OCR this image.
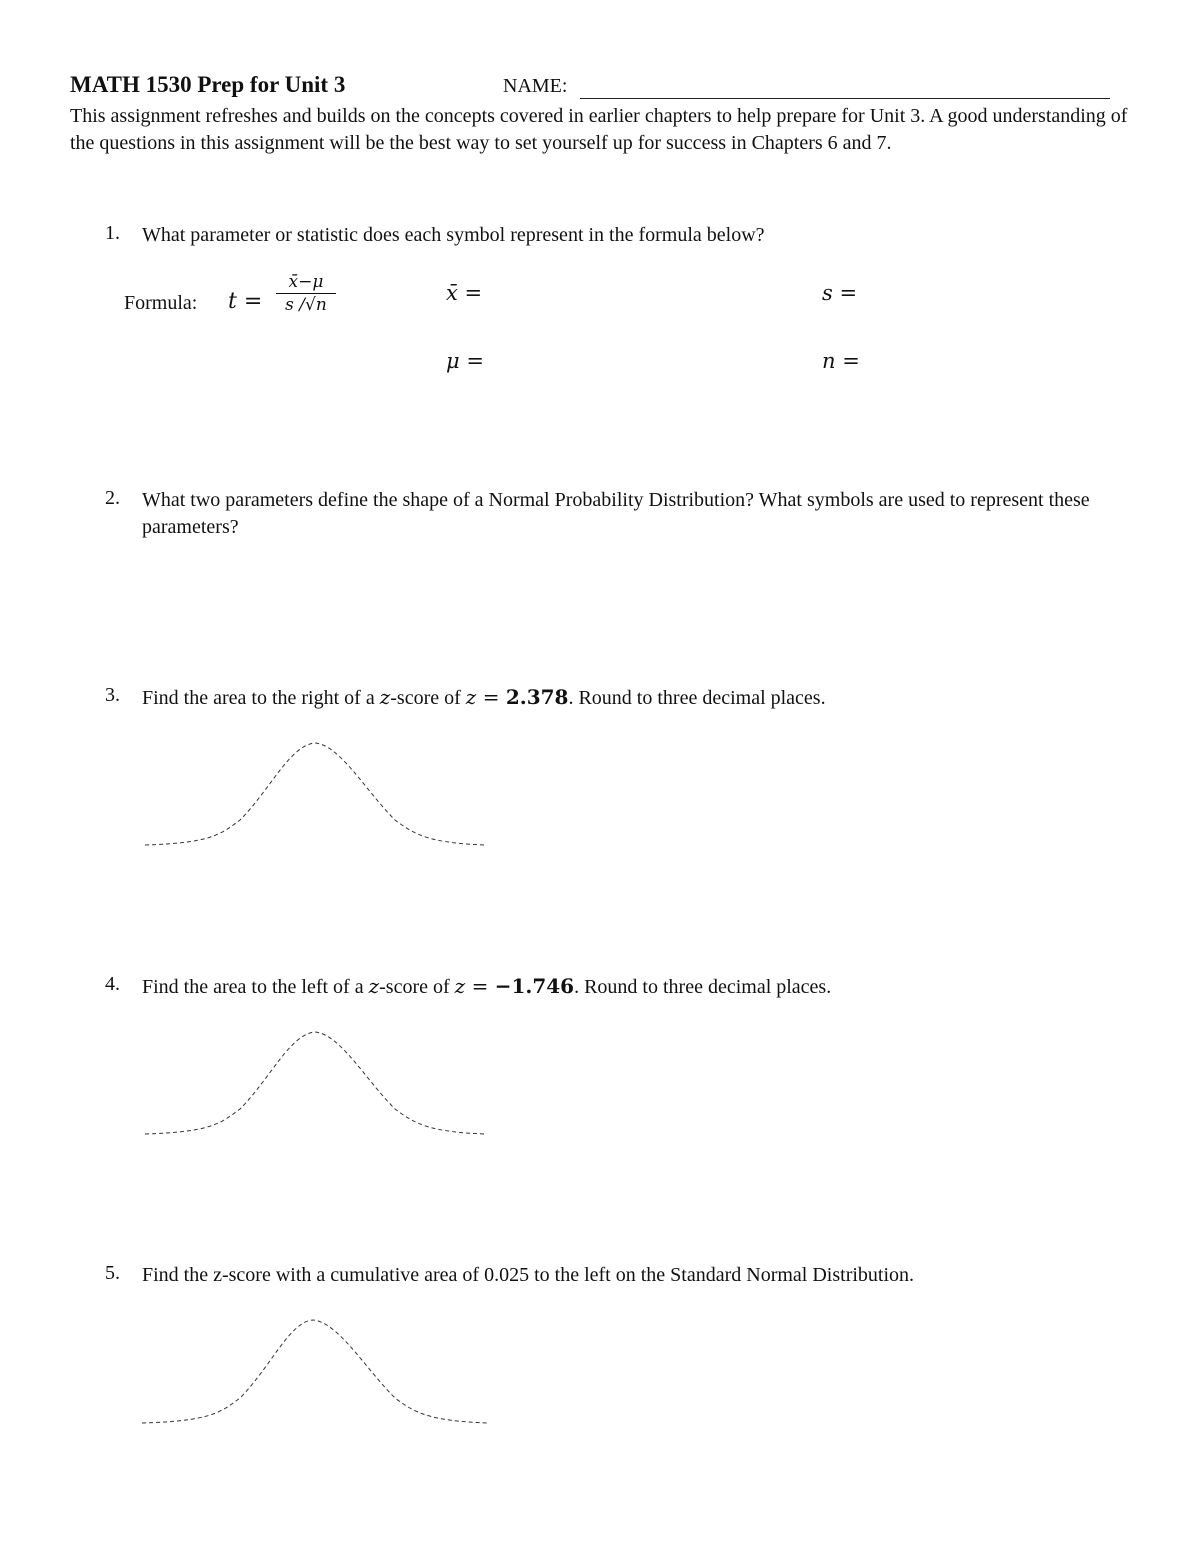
MATH 1530 Prep for Unit 3	NAME:
This assignment refreshes and builds on the concepts covered in earlier chapters to help prepare for Unit 3. A good understanding of the questions in this assignment will be the best way to set yourself up for success in Chapters 6 and 7.
1. What parameter or statistic does each symbol represent in the formula below?
Formula: $t = \frac{x̄-\mu}{s /√n}$	x̄ =	s =
μ =	n =
2. What two parameters define the shape of a Normal Probability Distribution? What symbols are used to represent these parameters?
3. Find the area to the right of a z-score of z = 2.378. Round to three decimal places.
4. Find the area to the left of a z-score of z = −1.746. Round to three decimal places.
5. Find the z-score with a cumulative area of 0.025 to the left on the Standard Normal Distribution.
